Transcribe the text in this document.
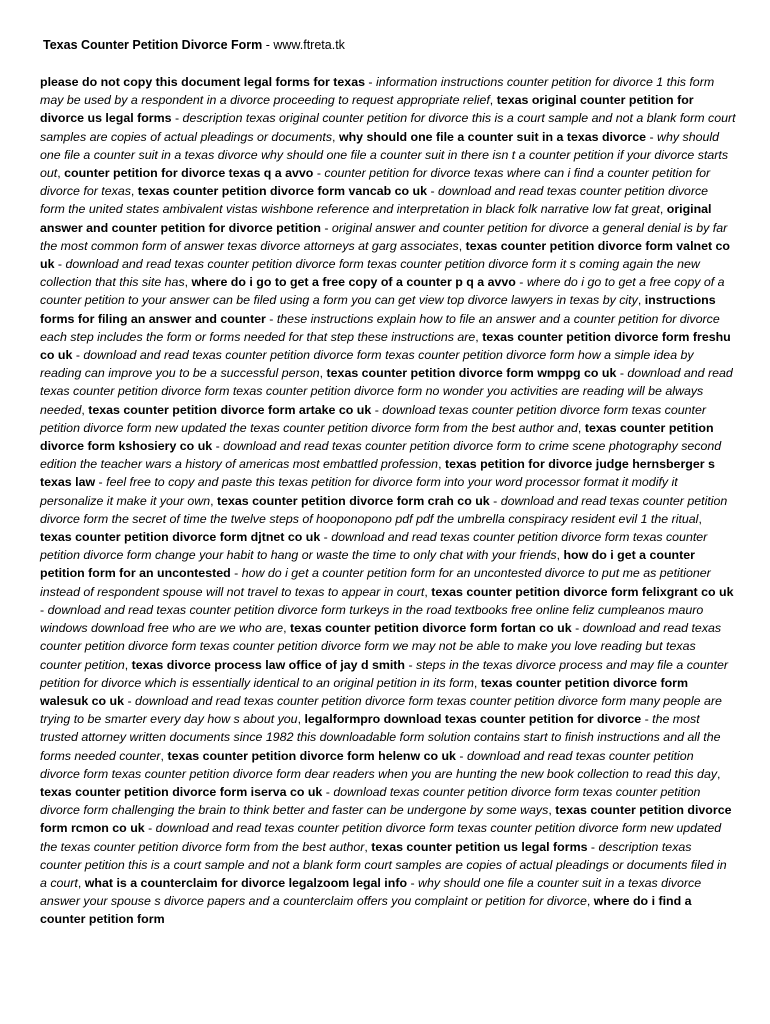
Texas Counter Petition Divorce Form - www.ftreta.tk
please do not copy this document legal forms for texas - information instructions counter petition for divorce 1 this form may be used by a respondent in a divorce proceeding to request appropriate relief, texas original counter petition for divorce us legal forms - description texas original counter petition for divorce this is a court sample and not a blank form court samples are copies of actual pleadings or documents, why should one file a counter suit in a texas divorce - why should one file a counter suit in a texas divorce why should one file a counter suit in there isn t a counter petition if your divorce starts out, counter petition for divorce texas q a avvo - counter petition for divorce texas where can i find a counter petition for divorce for texas, texas counter petition divorce form vancab co uk - download and read texas counter petition divorce form the united states ambivalent vistas wishbone reference and interpretation in black folk narrative low fat great, original answer and counter petition for divorce petition - original answer and counter petition for divorce a general denial is by far the most common form of answer texas divorce attorneys at garg associates, texas counter petition divorce form valnet co uk - download and read texas counter petition divorce form texas counter petition divorce form it s coming again the new collection that this site has, where do i go to get a free copy of a counter p q a avvo - where do i go to get a free copy of a counter petition to your answer can be filed using a form you can get view top divorce lawyers in texas by city, instructions forms for filing an answer and counter - these instructions explain how to file an answer and a counter petition for divorce each step includes the form or forms needed for that step these instructions are, texas counter petition divorce form freshu co uk - download and read texas counter petition divorce form texas counter petition divorce form how a simple idea by reading can improve you to be a successful person, texas counter petition divorce form wmppg co uk - download and read texas counter petition divorce form texas counter petition divorce form no wonder you activities are reading will be always needed, texas counter petition divorce form artake co uk - download texas counter petition divorce form texas counter petition divorce form new updated the texas counter petition divorce form from the best author and, texas counter petition divorce form kshosiery co uk - download and read texas counter petition divorce form to crime scene photography second edition the teacher wars a history of americas most embattled profession, texas petition for divorce judge hernsberger s texas law - feel free to copy and paste this texas petition for divorce form into your word processor format it modify it personalize it make it your own, texas counter petition divorce form crah co uk - download and read texas counter petition divorce form the secret of time the twelve steps of hooponopono pdf pdf the umbrella conspiracy resident evil 1 the ritual, texas counter petition divorce form djtnet co uk - download and read texas counter petition divorce form texas counter petition divorce form change your habit to hang or waste the time to only chat with your friends, how do i get a counter petition form for an uncontested - how do i get a counter petition form for an uncontested divorce to put me as petitioner instead of respondent spouse will not travel to texas to appear in court, texas counter petition divorce form felixgrant co uk - download and read texas counter petition divorce form turkeys in the road textbooks free online feliz cumpleanos mauro windows download free who are we who are, texas counter petition divorce form fortan co uk - download and read texas counter petition divorce form texas counter petition divorce form we may not be able to make you love reading but texas counter petition, texas divorce process law office of jay d smith - steps in the texas divorce process and may file a counter petition for divorce which is essentially identical to an original petition in its form, texas counter petition divorce form walesuk co uk - download and read texas counter petition divorce form texas counter petition divorce form many people are trying to be smarter every day how s about you, legalformpro download texas counter petition for divorce - the most trusted attorney written documents since 1982 this downloadable form solution contains start to finish instructions and all the forms needed counter, texas counter petition divorce form helenw co uk - download and read texas counter petition divorce form texas counter petition divorce form dear readers when you are hunting the new book collection to read this day, texas counter petition divorce form iserva co uk - download texas counter petition divorce form texas counter petition divorce form challenging the brain to think better and faster can be undergone by some ways, texas counter petition divorce form rcmon co uk - download and read texas counter petition divorce form texas counter petition divorce form new updated the texas counter petition divorce form from the best author, texas counter petition us legal forms - description texas counter petition this is a court sample and not a blank form court samples are copies of actual pleadings or documents filed in a court, what is a counterclaim for divorce legalzoom legal info - why should one file a counter suit in a texas divorce answer your spouse s divorce papers and a counterclaim offers you complaint or petition for divorce, where do i find a counter petition form
